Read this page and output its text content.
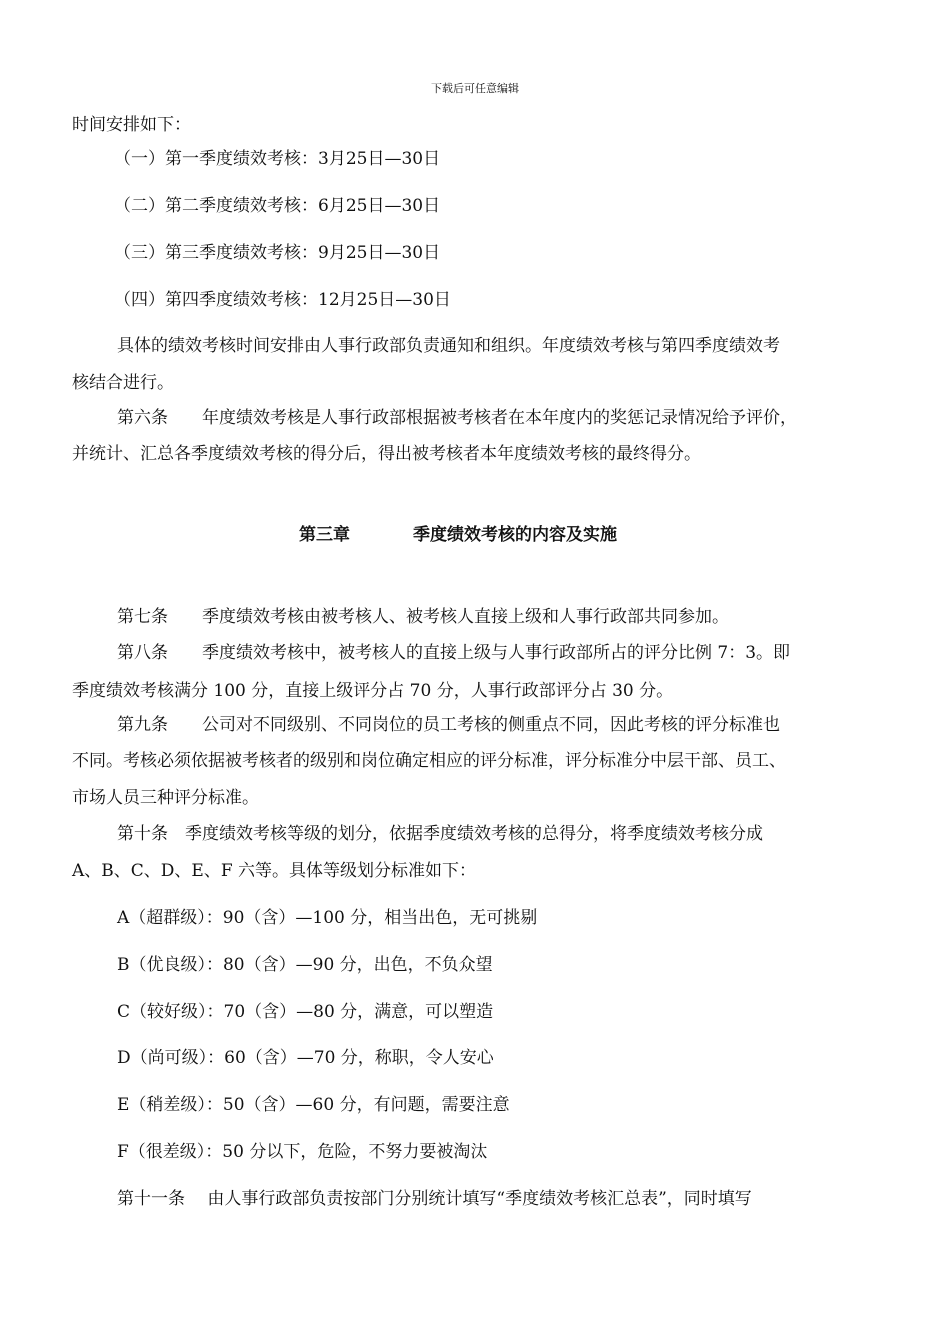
下载后可任意编辑
时间安排如下：
（一）第一季度绩效考核：3月25日—30日
（二）第二季度绩效考核：6月25日—30日
（三）第三季度绩效考核：9月25日—30日
（四）第四季度绩效考核：12月25日—30日
具体的绩效考核时间安排由人事行政部负责通知和组织。年度绩效考核与第四季度绩效考
核结合进行。
第六条　　年度绩效考核是人事行政部根据被考核者在本年度内的奖惩记录情况给予评价，
并统计、汇总各季度绩效考核的得分后，得出被考核者本年度绩效考核的最终得分。
第三章	季度绩效考核的内容及实施
第七条　　季度绩效考核由被考核人、被考核人直接上级和人事行政部共同参加。
第八条　　季度绩效考核中，被考核人的直接上级与人事行政部所占的评分比例 7：3。即
季度绩效考核满分 100 分，直接上级评分占 70 分，人事行政部评分占 30 分。
第九条　　公司对不同级别、不同岗位的员工考核的侧重点不同，因此考核的评分标准也
不同。考核必须依据被考核者的级别和岗位确定相应的评分标准，评分标准分中层干部、员工、
市场人员三种评分标准。
第十条　季度绩效考核等级的划分，依据季度绩效考核的总得分，将季度绩效考核分成
A、B、C、D、E、F 六等。具体等级划分标准如下：
A（超群级）：90（含）—100 分，相当出色，无可挑剔
B（优良级）：80（含）—90 分，出色，不负众望
C（较好级）：70（含）—80 分，满意，可以塑造
D（尚可级）：60（含）—70 分，称职，令人安心
E（稍差级）：50（含）—60 分，有问题，需要注意
F（很差级）：50 分以下，危险，不努力要被淘汰
第十一条　 由人事行政部负责按部门分别统计填写“季度绩效考核汇总表”，同时填写
